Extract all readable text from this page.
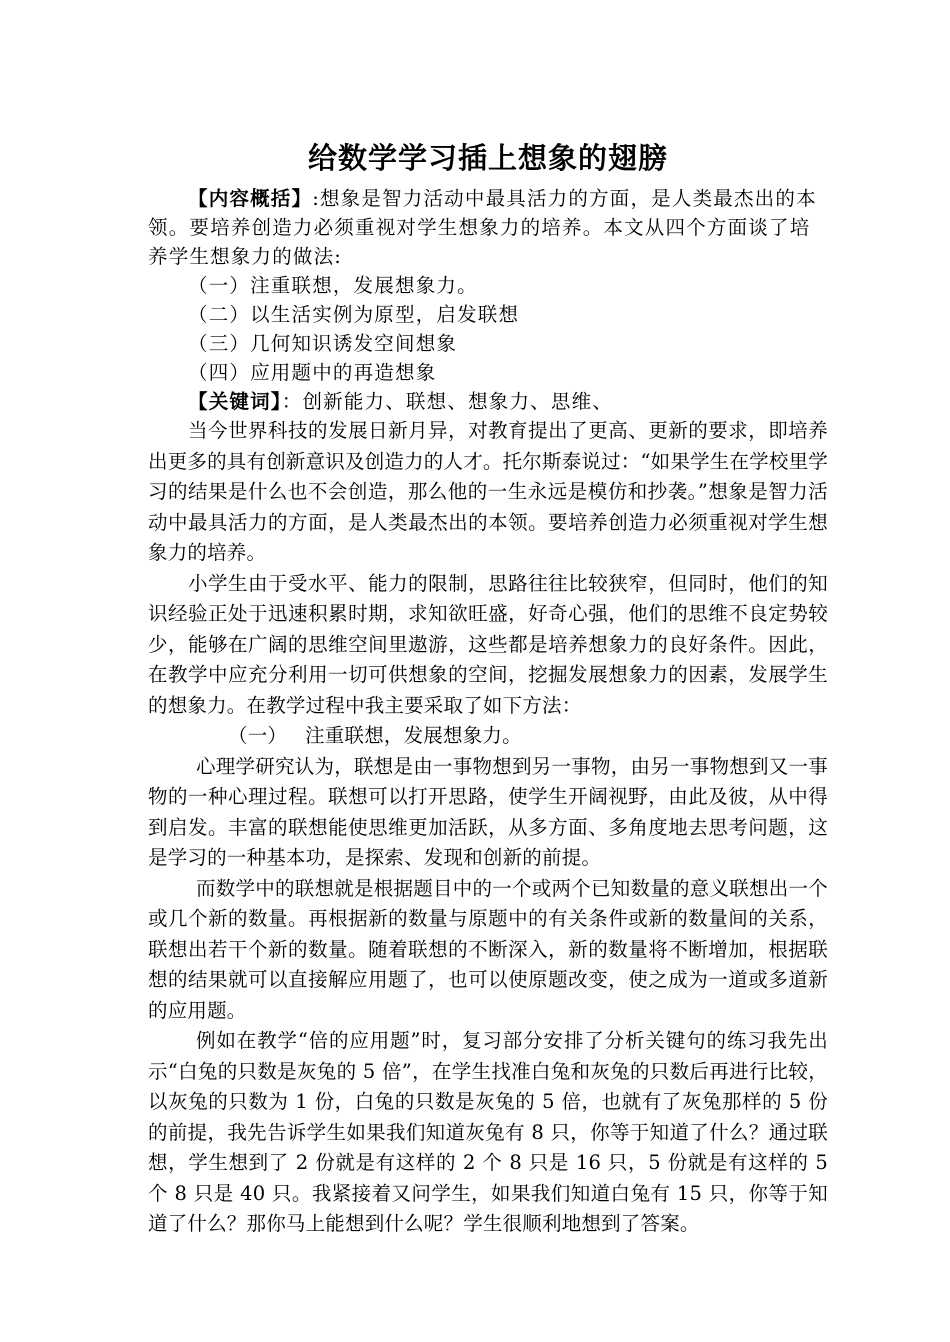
给数学学习插上想象的翅膀

【内容概括】:想象是智力活动中最具活力的方面，是人类最杰出的本领。要培养创造力必须重视对学生想象力的培养。本文从四个方面谈了培养学生想象力的做法:

（一）注重联想，发展想象力。

（二）以生活实例为原型，启发联想

（三）几何知识诱发空间想象

（四）应用题中的再造想象

【关键词】：创新能力、联想、想象力、思维、

当今世界科技的发展日新月异，对教育提出了更高、更新的要求，即培养出更多的具有创新意识及创造力的人才。托尔斯泰说过：“如果学生在学校里学习的结果是什么也不会创造，那么他的一生永远是模仿和抄袭。”想象是智力活动中最具活力的方面，是人类最杰出的本领。要培养创造力必须重视对学生想象力的培养。

小学生由于受水平、能力的限制，思路往往比较狭窄，但同时，他们的知识经验正处于迅速积累时期，求知欲旺盛，好奇心强，他们的思维不良定势较少，能够在广阔的思维空间里遨游，这些都是培养想象力的良好条件。因此，在教学中应充分利用一切可供想象的空间，挖掘发展想象力的因素，发展学生的想象力。在教学过程中我主要采取了如下方法：

（一） 注重联想，发展想象力。

心理学研究认为，联想是由一事物想到另一事物，由另一事物想到又一事物的一种心理过程。联想可以打开思路，使学生开阔视野，由此及彼，从中得到启发。丰富的联想能使思维更加活跃，从多方面、多角度地去思考问题，这是学习的一种基本功，是探索、发现和创新的前提。

而数学中的联想就是根据题目中的一个或两个已知数量的意义联想出一个或几个新的数量。再根据新的数量与原题中的有关条件或新的数量间的关系，联想出若干个新的数量。随着联想的不断深入，新的数量将不断增加，根据联想的结果就可以直接解应用题了，也可以使原题改变，使之成为一道或多道新的应用题。

例如在教学“倍的应用题”时，复习部分安排了分析关键句的练习我先出示“白兔的只数是灰兔的 5 倍”，在学生找准白兔和灰兔的只数后再进行比较，以灰兔的只数为 1 份，白兔的只数是灰兔的 5 倍，也就有了灰兔那样的 5 份的前提，我先告诉学生如果我们知道灰兔有 8 只，你等于知道了什么？通过联想，学生想到了 2 份就是有这样的 2 个 8 只是 16 只，5 份就是有这样的 5 个 8 只是 40 只。我紧接着又问学生，如果我们知道白兔有 15 只，你等于知道了什么？那你马上能想到什么呢？学生很顺利地想到了答案。
